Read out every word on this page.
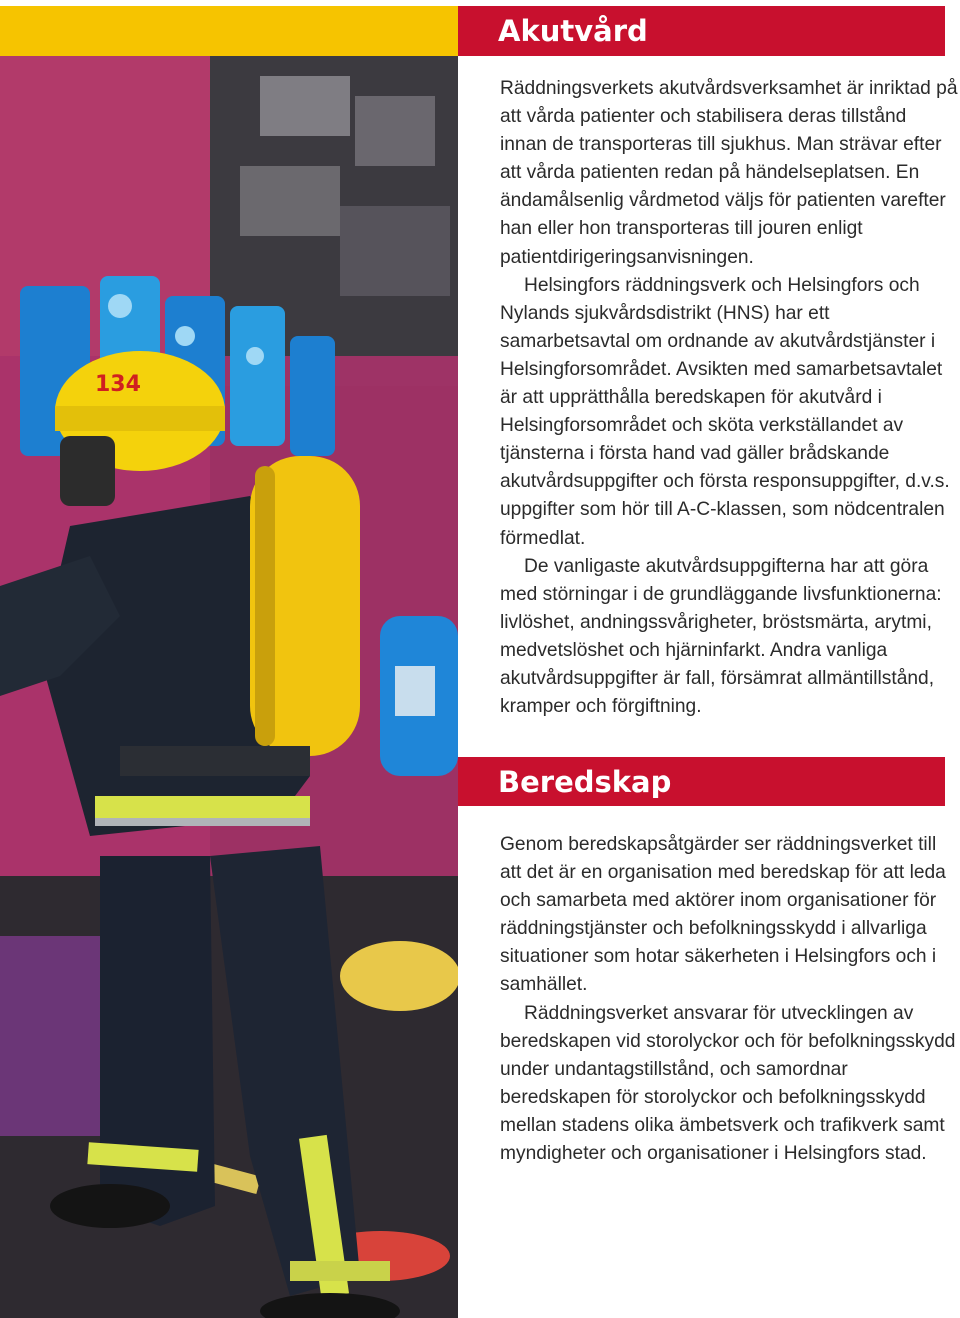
134
Akutvård

Räddningsverkets akutvårdsverksamhet är inriktad på att vårda patienter och stabilisera deras tillstånd innan de transporteras till sjukhus. Man strävar efter att vårda patienten redan på händelseplatsen. En ändamålsenlig vårdmetod väljs för patienten varefter han eller hon transporteras till jouren enligt patientdirigeringsanvisningen.

Helsingfors räddningsverk och Helsingfors och Nylands sjukvårdsdistrikt (HNS) har ett samarbetsavtal om ordnande av akutvårdstjänster i Helsingforsområdet. Avsikten med samarbetsavtalet är att upprätthålla beredskapen för akutvård i Helsingforsområdet och sköta verkställandet av tjänsterna i första hand vad gäller brådskande akutvårdsuppgifter och första responsuppgifter, d.v.s. uppgifter som hör till A-C-klassen, som nödcentralen förmedlat.

De vanligaste akutvårdsuppgifterna har att göra med störningar i de grundläggande livsfunktionerna: livlöshet, andningssvårigheter, bröstsmärta, arytmi, medvetslöshet och hjärninfarkt. Andra vanliga akutvårdsuppgifter är fall, försämrat allmäntillstånd, kramper och förgiftning.

Beredskap

Genom beredskapsåtgärder ser räddningsverket till att det är en organisation med beredskap för att leda och samarbeta med aktörer inom organisationer för räddningstjänster och befolkningsskydd i allvarliga situationer som hotar säkerheten i Helsingfors och i samhället.

Räddningsverket ansvarar för utvecklingen av beredskapen vid storolyckor och för befolkningsskydd under undantagstillstånd, och samordnar beredskapen för storolyckor och befolkningsskydd mellan stadens olika ämbetsverk och trafikverk samt myndigheter och organisationer i Helsingfors stad.
